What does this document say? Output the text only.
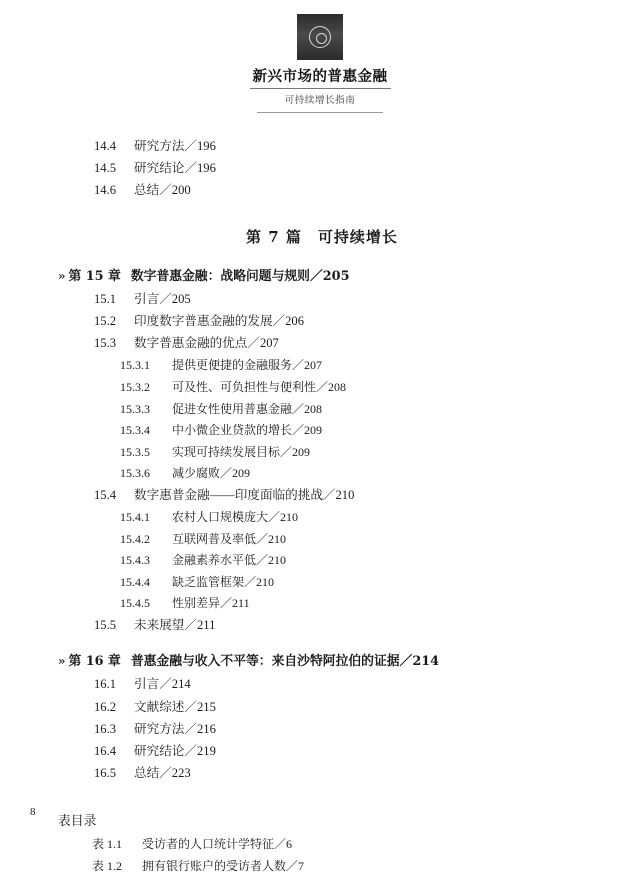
新兴市场的普惠金融
可持续增长指南
14.4 研究方法／196
14.5 研究结论／196
14.6 总结／200
第 7 篇　可持续增长
» 第 15 章 数字普惠金融：战略问题与规则 ／ 205
15.1 引言／205
15.2 印度数字普惠金融的发展／206
15.3 数字普惠金融的优点／207
15.3.1 提供更便捷的金融服务／207
15.3.2 可及性、可负担性与便利性／208
15.3.3 促进女性使用普惠金融／208
15.3.4 中小微企业贷款的增长／209
15.3.5 实现可持续发展目标／209
15.3.6 减少腐败／209
15.4 数字惠普金融——印度面临的挑战／210
15.4.1 农村人口规模庞大／210
15.4.2 互联网普及率低／210
15.4.3 金融素养水平低／210
15.4.4 缺乏监管框架／210
15.4.5 性别差异／211
15.5 未来展望／211
» 第 16 章 普惠金融与收入不平等：来自沙特阿拉伯的证据 ／ 214
16.1 引言／214
16.2 文献综述／215
16.3 研究方法／216
16.4 研究结论／219
16.5 总结／223
表目录
表 1.1 受访者的人口统计学特征／6
表 1.2 拥有银行账户的受访者人数／7
8
